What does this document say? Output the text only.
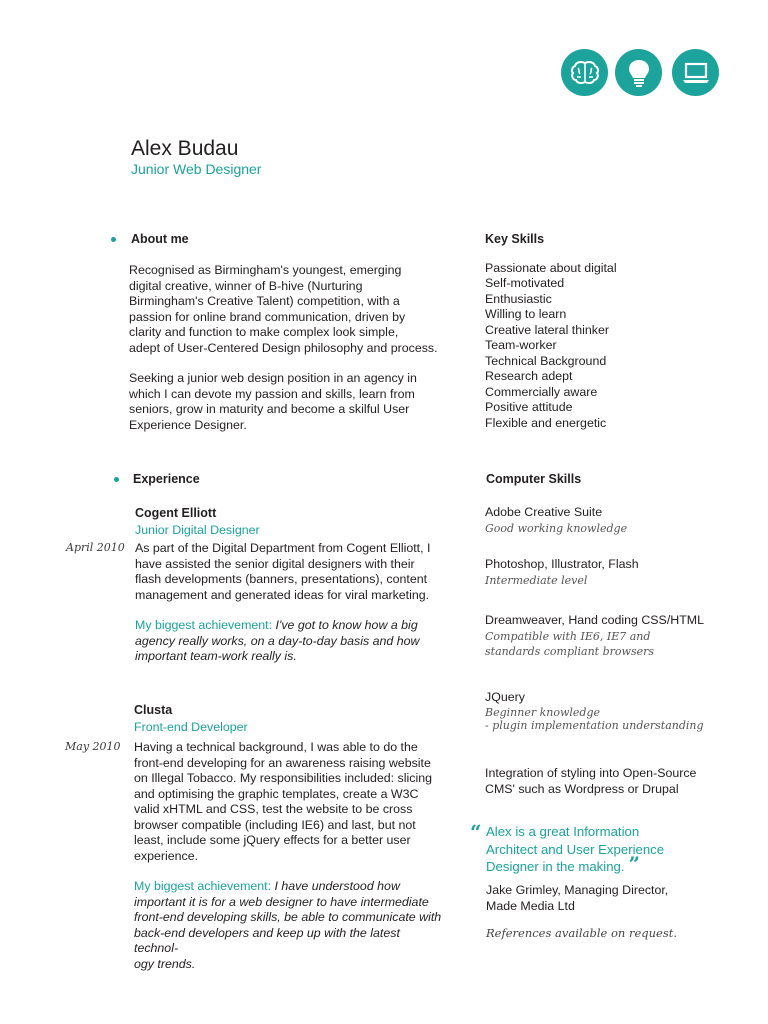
Alex Budau
Junior Web Designer
About me
Recognised as Birmingham's youngest, emerging
digital creative, winner of B-hive (Nurturing
Birmingham's Creative Talent) competition, with a
passion for online brand communication, driven by
clarity and function to make complex look simple,
adept of User-Centered Design philosophy and process.
Seeking a junior web design position in an agency in
which I can devote my passion and skills, learn from
seniors, grow in maturity and become a skilful User
Experience Designer.
Key Skills
Passionate about digital
Self-motivated
Enthusiastic
Willing to learn
Creative lateral thinker
Team-worker
Technical Background
Research adept
Commercially aware
Positive attitude
Flexible and energetic
Experience
Cogent Elliott
Junior Digital Designer
April 2010 As part of the Digital Department from Cogent Elliott, I
have assisted the senior digital designers with their
flash developments (banners, presentations), content
management and generated ideas for viral marketing.
My biggest achievement: I've got to know how a big
agency really works, on a day-to-day basis and how
important team-work really is.
Clusta
Front-end Developer
May 2010 Having a technical background, I was able to do the
front-end developing for an awareness raising website
on Illegal Tobacco. My responsibilities included: slicing
and optimising the graphic templates, create a W3C
valid xHTML and CSS, test the website to be cross
browser compatible (including IE6) and last, but not
least, include some jQuery effects for a better user
experience.
My biggest achievement: I have understood how
important it is for a web designer to have intermediate
front-end developing skills, be able to communicate with
back-end developers and keep up with the latest technol-
ogy trends.
Computer Skills
Adobe Creative Suite
Good working knowledge
Photoshop, Illustrator, Flash
Intermediate level
Dreamweaver, Hand coding CSS/HTML
Compatible with IE6, IE7 and
standards compliant browsers
JQuery
Beginner knowledge
- plugin implementation understanding
Integration of styling into Open-Source
CMS' such as Wordpress or Drupal
“ Alex is a great Information
Architect and User Experience
Designer in the making. ”
Jake Grimley, Managing Director,
Made Media Ltd
References available on request.
